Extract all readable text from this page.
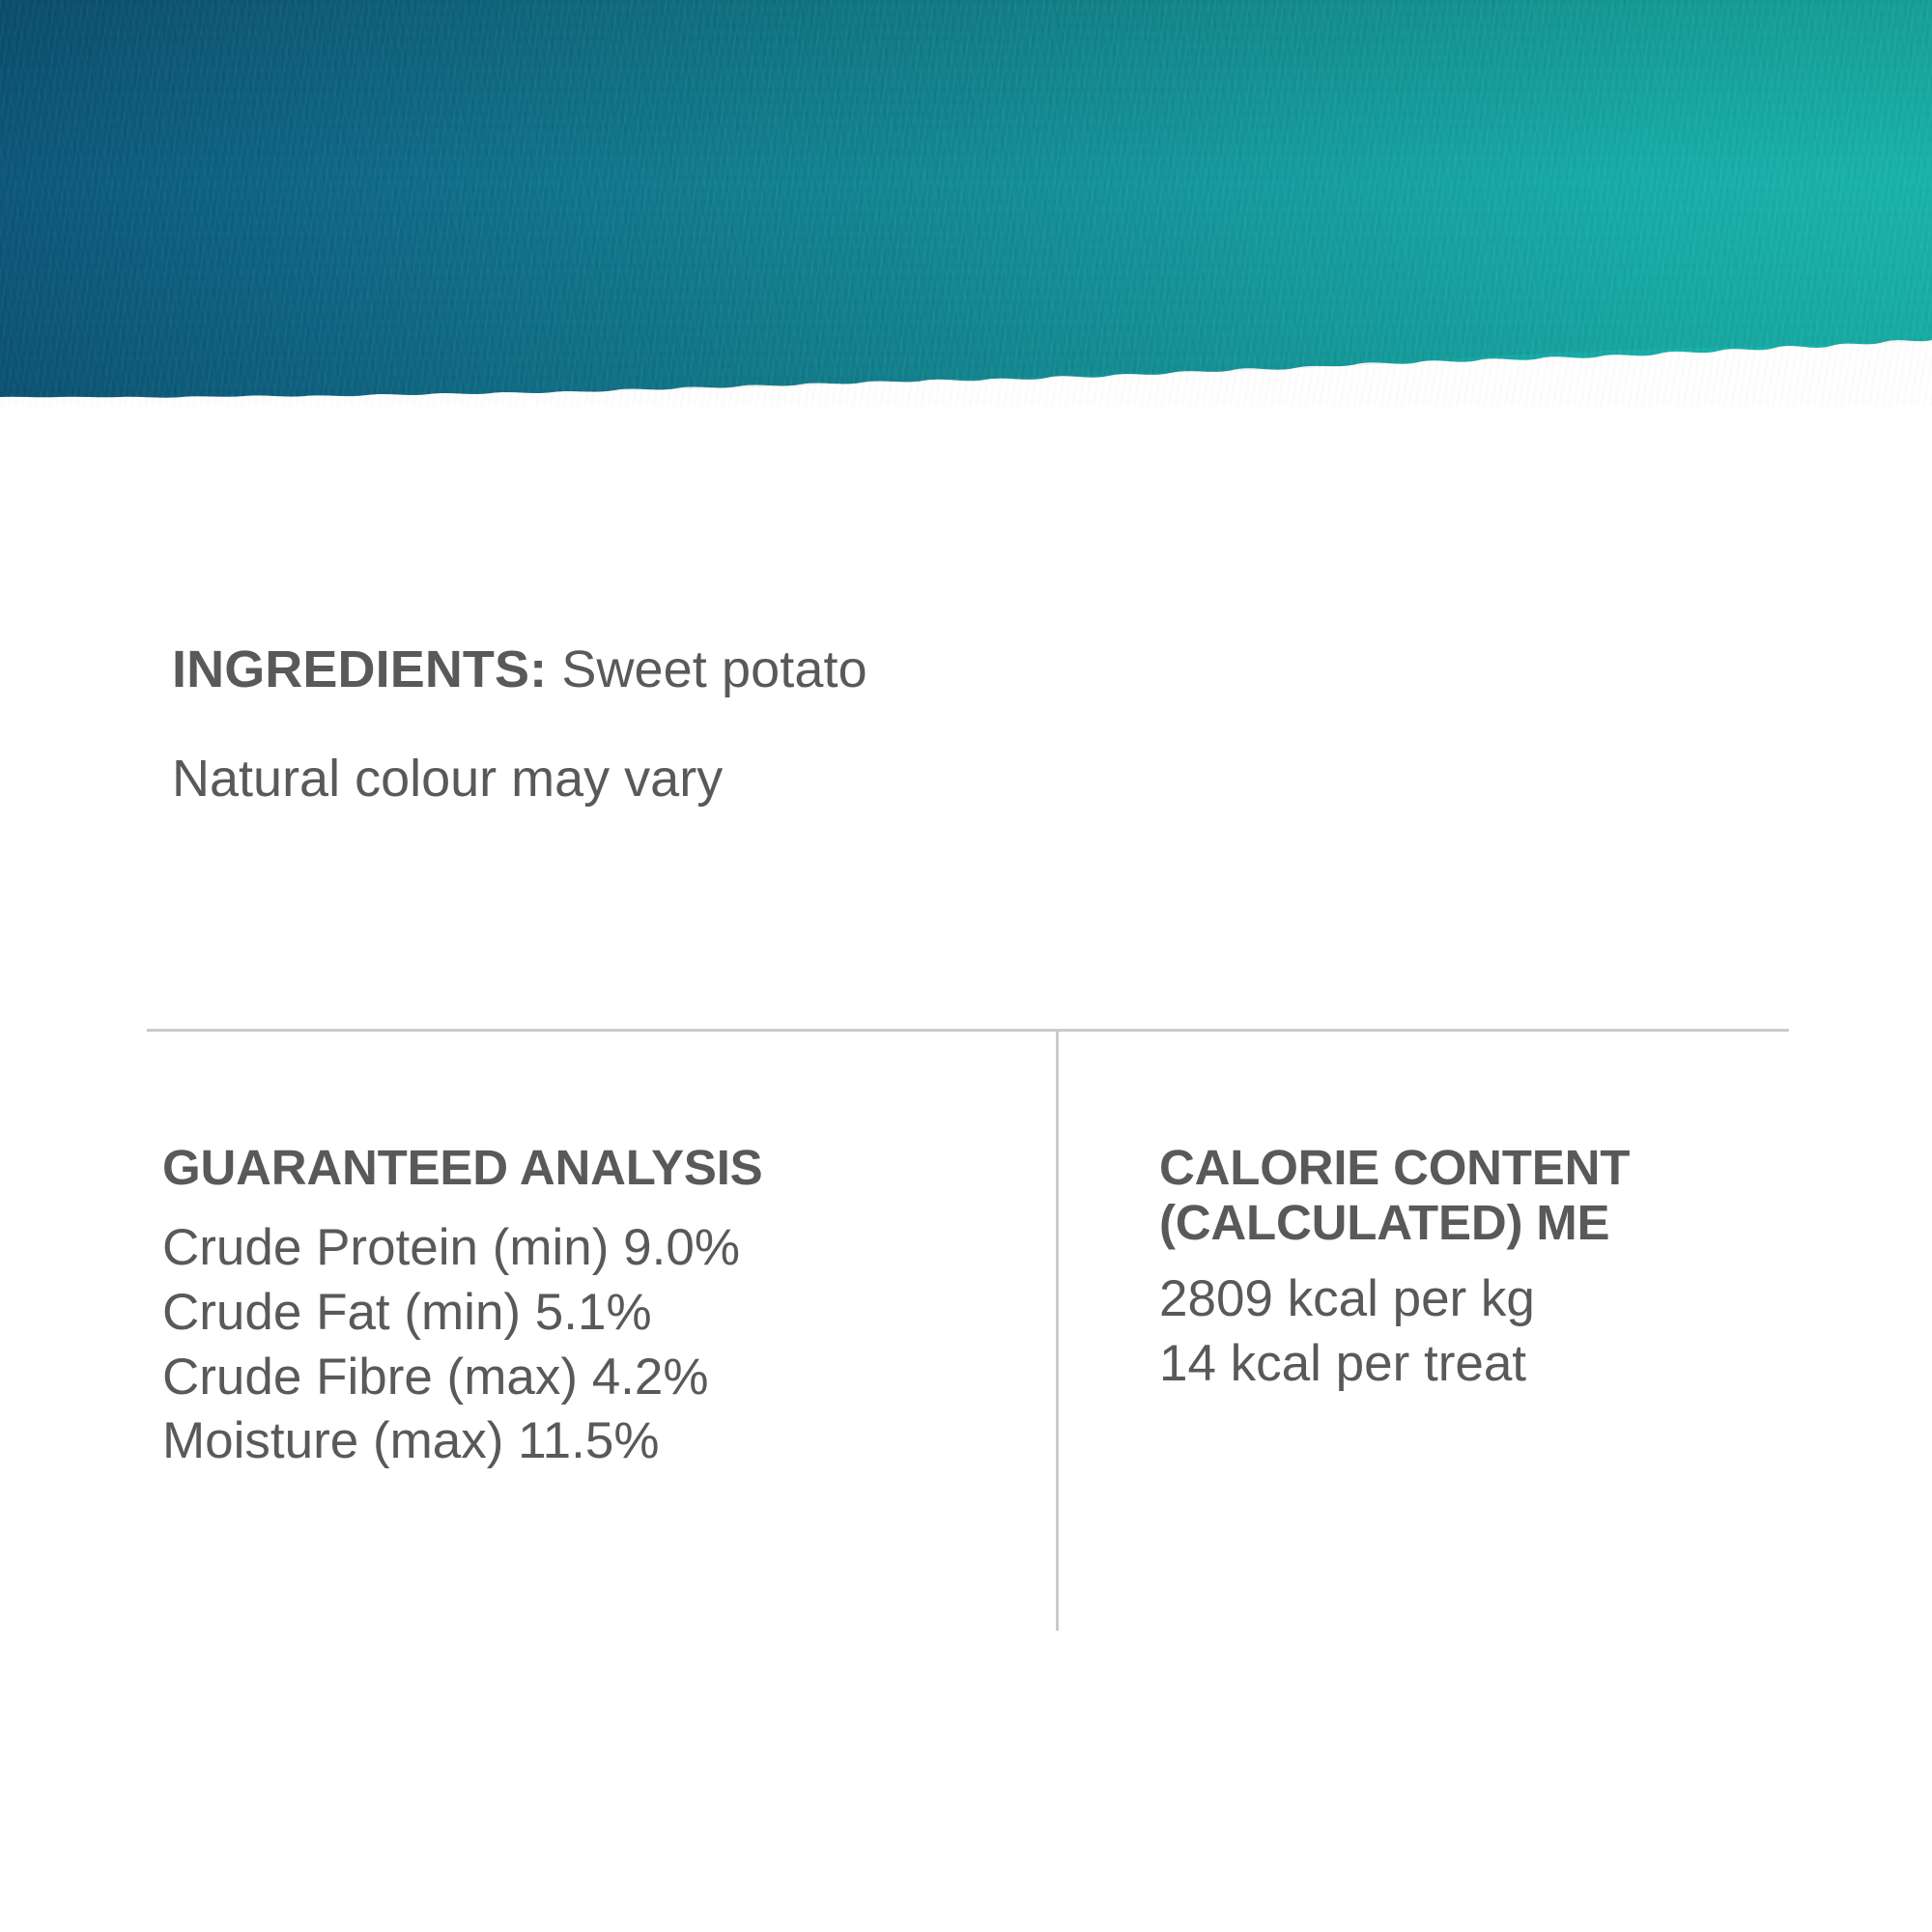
INGREDIENTS: Sweet potato
Natural colour may vary
GUARANTEED ANALYSIS
Crude Protein (min) 9.0%
Crude Fat (min) 5.1%
Crude Fibre (max) 4.2%
Moisture (max) 11.5%
CALORIE CONTENT
(CALCULATED) ME
2809 kcal per kg
14 kcal per treat
